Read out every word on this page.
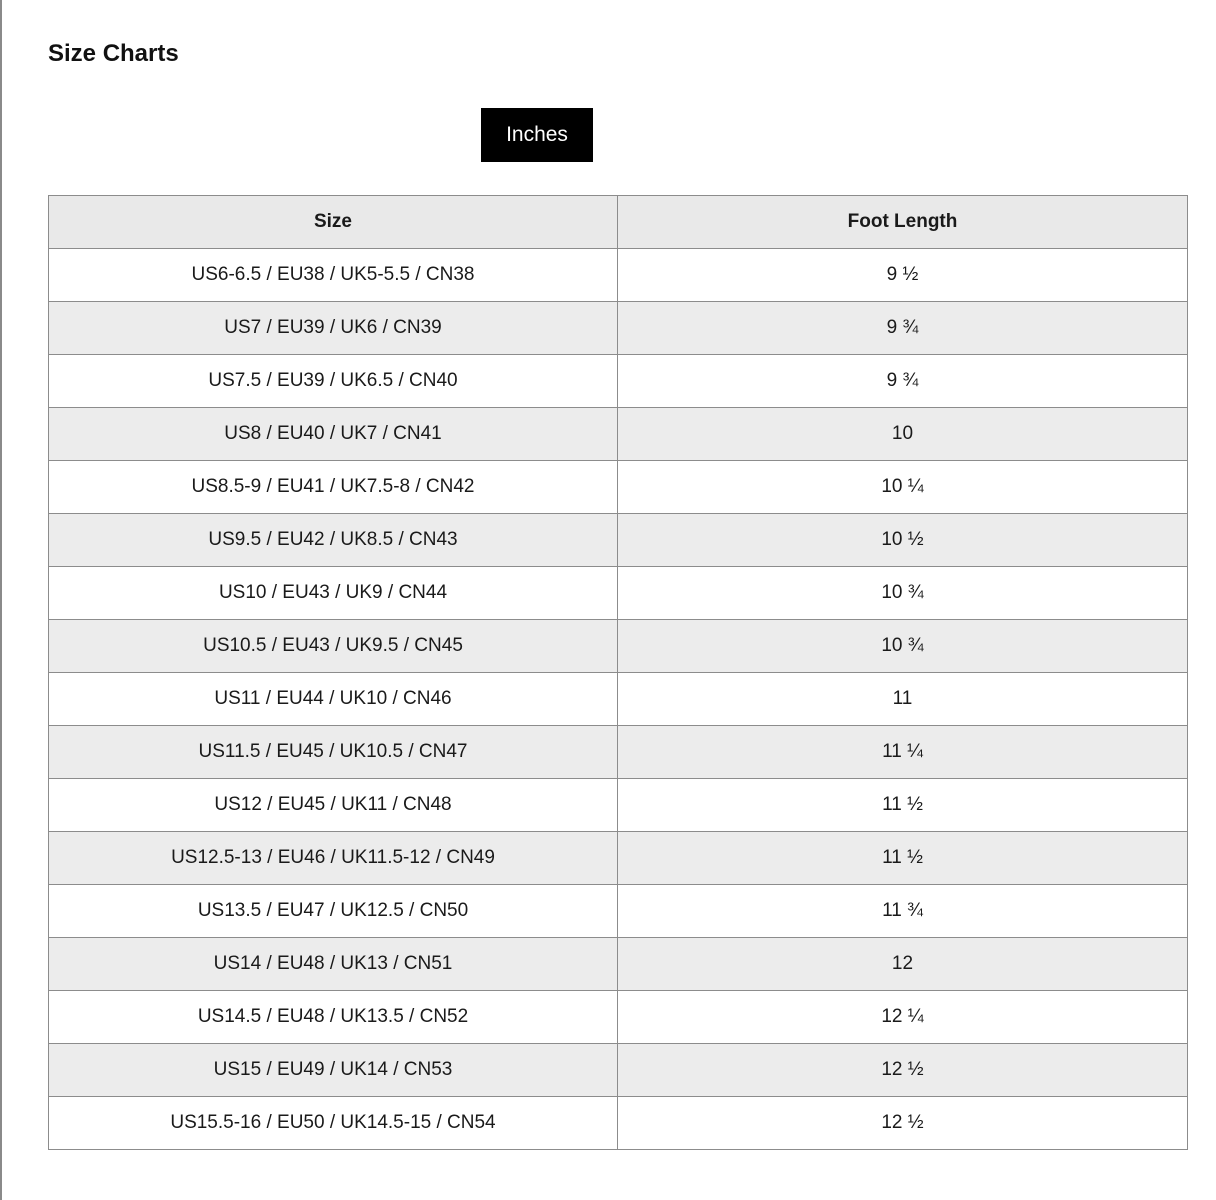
Size Charts
Inches
Size	Foot Length
US6-6.5 / EU38 / UK5-5.5 / CN38	9 ½
US7 / EU39 / UK6 / CN39	9 ¾
US7.5 / EU39 / UK6.5 / CN40	9 ¾
US8 / EU40 / UK7 / CN41	10
US8.5-9 / EU41 / UK7.5-8 / CN42	10 ¼
US9.5 / EU42 / UK8.5 / CN43	10 ½
US10 / EU43 / UK9 / CN44	10 ¾
US10.5 / EU43 / UK9.5 / CN45	10 ¾
US11 / EU44 / UK10 / CN46	11
US11.5 / EU45 / UK10.5 / CN47	11 ¼
US12 / EU45 / UK11 / CN48	11 ½
US12.5-13 / EU46 / UK11.5-12 / CN49	11 ½
US13.5 / EU47 / UK12.5 / CN50	11 ¾
US14 / EU48 / UK13 / CN51	12
US14.5 / EU48 / UK13.5 / CN52	12 ¼
US15 / EU49 / UK14 / CN53	12 ½
US15.5-16 / EU50 / UK14.5-15 / CN54	12 ½
